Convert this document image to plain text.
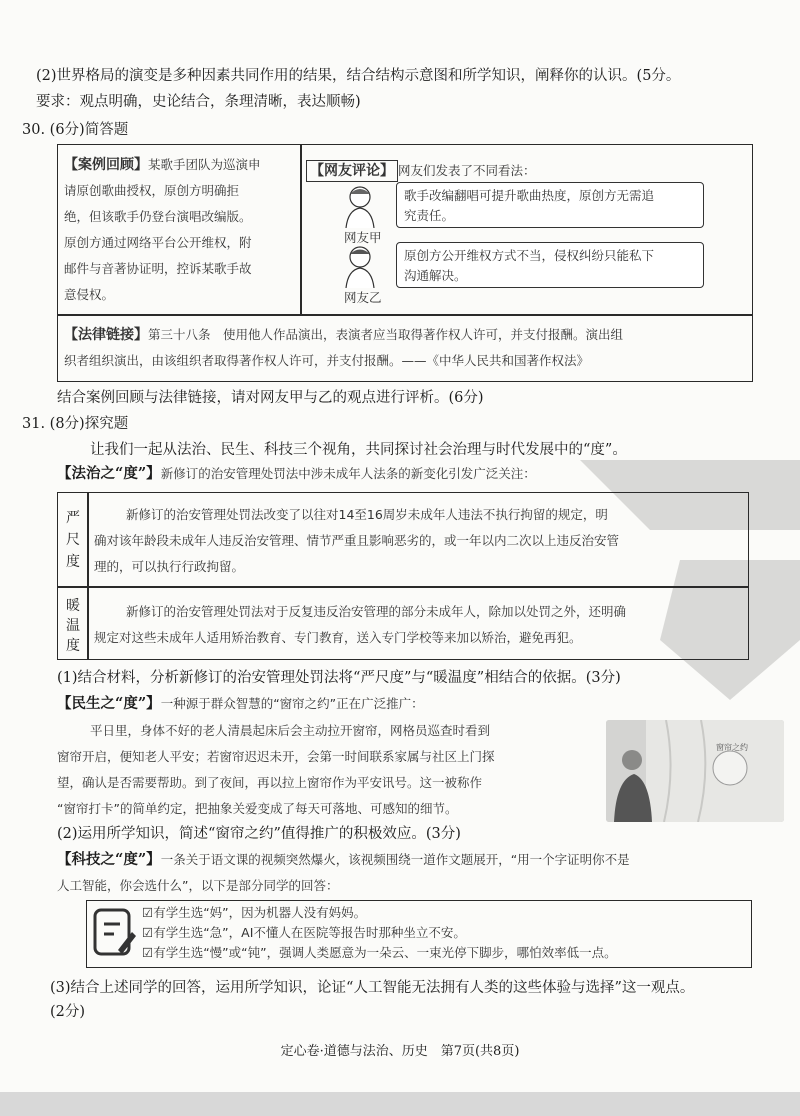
(2)世界格局的演变是多种因素共同作用的结果，结合结构示意图和所学知识，阐释你的认识。(5分。
要求：观点明确，史论结合，条理清晰，表达顺畅)
30. (6分)简答题
【案例回顾】某歌手团队为巡演申
请原创歌曲授权，原创方明确拒
绝，但该歌手仍登台演唱改编版。
原创方通过网络平台公开维权，附
邮件与音著协证明，控诉某歌手故
意侵权。
【网友评论】 网友们发表了不同看法：
网友甲
歌手改编翻唱可提升歌曲热度，原创方无需追
究责任。
网友乙
原创方公开维权方式不当，侵权纠纷只能私下
沟通解决。
【法律链接】第三十八条　使用他人作品演出，表演者应当取得著作权人许可，并支付报酬。演出组
织者组织演出，由该组织者取得著作权人许可，并支付报酬。——《中华人民共和国著作权法》
结合案例回顾与法律链接，请对网友甲与乙的观点进行评析。(6分)
31. (8分)探究题
让我们一起从法治、民生、科技三个视角，共同探讨社会治理与时代发展中的“度”。
【法治之“度”】新修订的治安管理处罚法中涉未成年人法条的新变化引发广泛关注：
严
尺
度
新修订的治安管理处罚法改变了以往对14至16周岁未成年人违法不执行拘留的规定，明
确对该年龄段未成年人违反治安管理、情节严重且影响恶劣的，或一年以内二次以上违反治安管
理的，可以执行行政拘留。
暖
温
度
新修订的治安管理处罚法对于反复违反治安管理的部分未成年人，除加以处罚之外，还明确
规定对这些未成年人适用矫治教育、专门教育，送入专门学校等来加以矫治，避免再犯。
(1)结合材料，分析新修订的治安管理处罚法将“严尺度”与“暖温度”相结合的依据。(3分)
【民生之“度”】一种源于群众智慧的“窗帘之约”正在广泛推广：
平日里，身体不好的老人清晨起床后会主动拉开窗帘，网格员巡查时看到
窗帘开启，便知老人平安；若窗帘迟迟未开，会第一时间联系家属与社区上门探
望，确认是否需要帮助。到了夜间，再以拉上窗帘作为平安讯号。这一被称作
“窗帘打卡”的简单约定，把抽象关爱变成了每天可落地、可感知的细节。
窗帘之约
(2)运用所学知识，简述“窗帘之约”值得推广的积极效应。(3分)
【科技之“度”】一条关于语文课的视频突然爆火，该视频围绕一道作文题展开，“用一个字证明你不是
人工智能，你会选什么”，以下是部分同学的回答：
☑有学生选“妈”，因为机器人没有妈妈。
☑有学生选“急”，AI不懂人在医院等报告时那种坐立不安。
☑有学生选“慢”或“钝”，强调人类愿意为一朵云、一束光停下脚步，哪怕效率低一点。
(3)结合上述同学的回答，运用所学知识，论证“人工智能无法拥有人类的这些体验与选择”这一观点。
(2分)
定心卷·道德与法治、历史　第7页(共8页)
